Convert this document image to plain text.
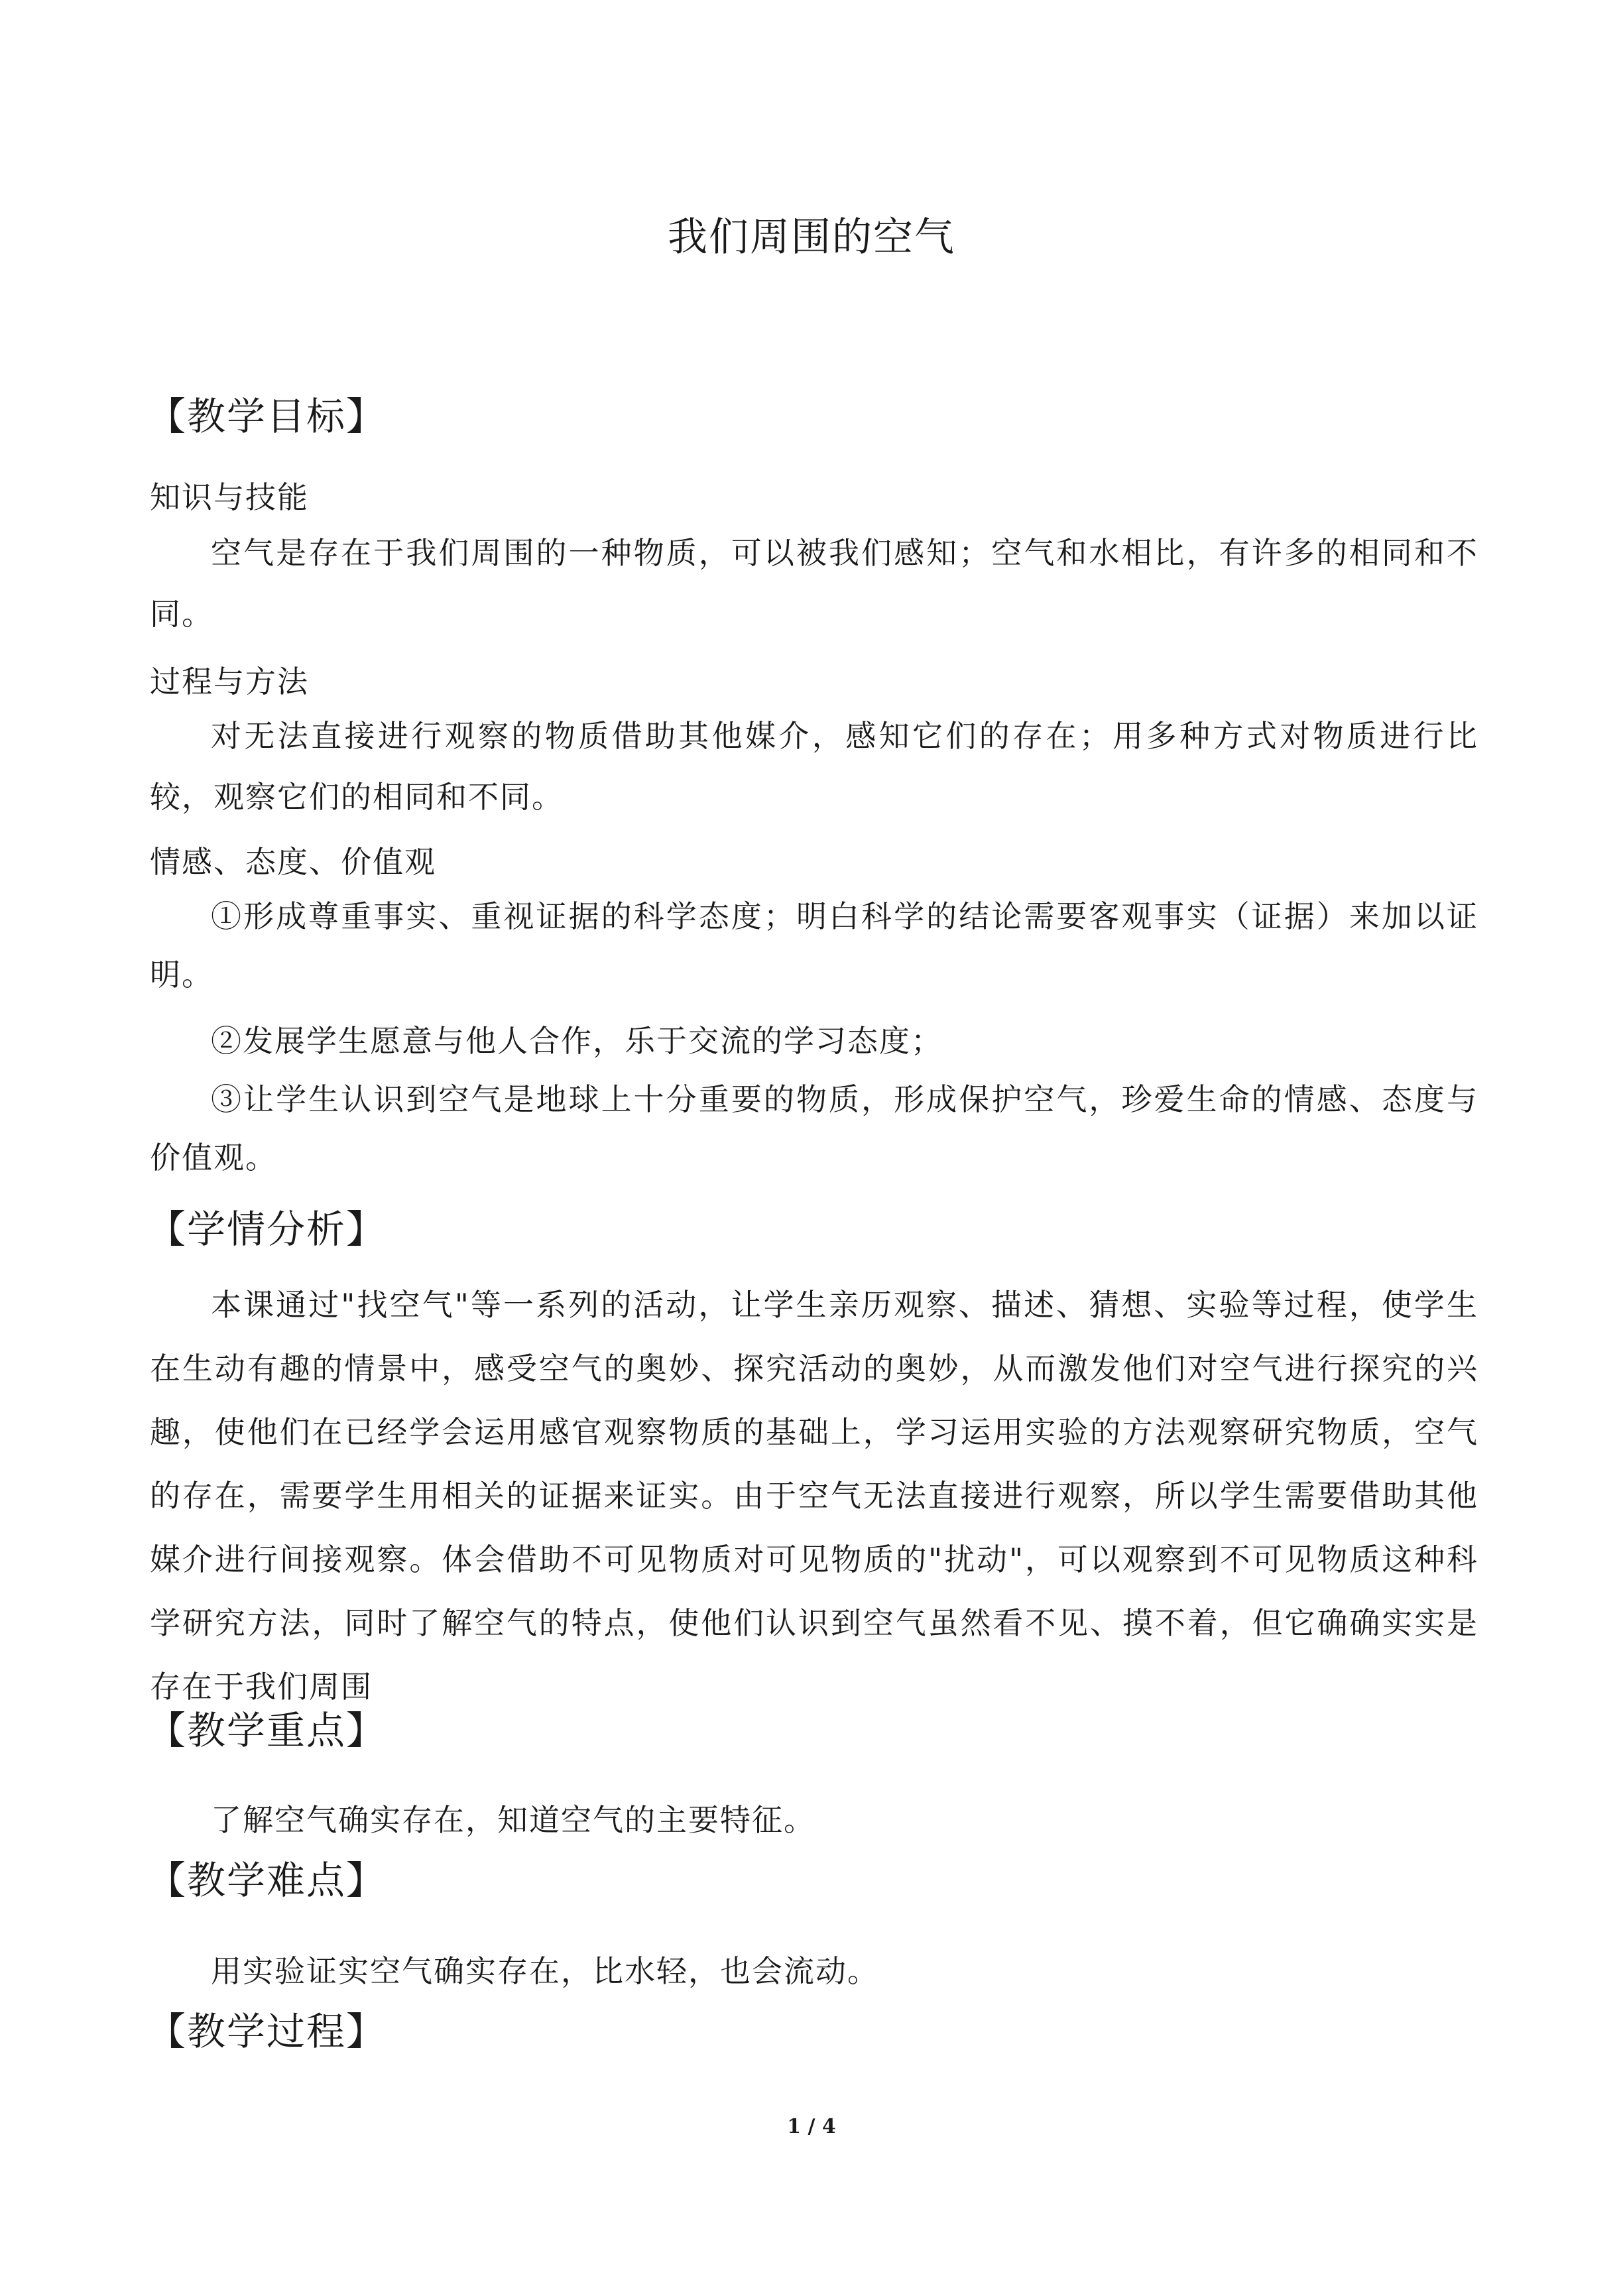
我们周围的空气
【教学目标】
知识与技能
空气是存在于我们周围的一种物质，可以被我们感知；空气和水相比，有许多的相同和不同。
过程与方法
对无法直接进行观察的物质借助其他媒介，感知它们的存在；用多种方式对物质进行比较，观察它们的相同和不同。
情感、态度、价值观
①形成尊重事实、重视证据的科学态度；明白科学的结论需要客观事实（证据）来加以证明。
②发展学生愿意与他人合作，乐于交流的学习态度；
③让学生认识到空气是地球上十分重要的物质，形成保护空气，珍爱生命的情感、态度与价值观。
【学情分析】
本课通过"找空气"等一系列的活动，让学生亲历观察、描述、猜想、实验等过程，使学生在生动有趣的情景中，感受空气的奥妙、探究活动的奥妙，从而激发他们对空气进行探究的兴趣，使他们在已经学会运用感官观察物质的基础上，学习运用实验的方法观察研究物质，空气的存在，需要学生用相关的证据来证实。由于空气无法直接进行观察，所以学生需要借助其他媒介进行间接观察。体会借助不可见物质对可见物质的"扰动"，可以观察到不可见物质这种科学研究方法，同时了解空气的特点，使他们认识到空气虽然看不见、摸不着，但它确确实实是存在于我们周围
【教学重点】
了解空气确实存在，知道空气的主要特征。
【教学难点】
用实验证实空气确实存在，比水轻，也会流动。
【教学过程】
1 / 4
